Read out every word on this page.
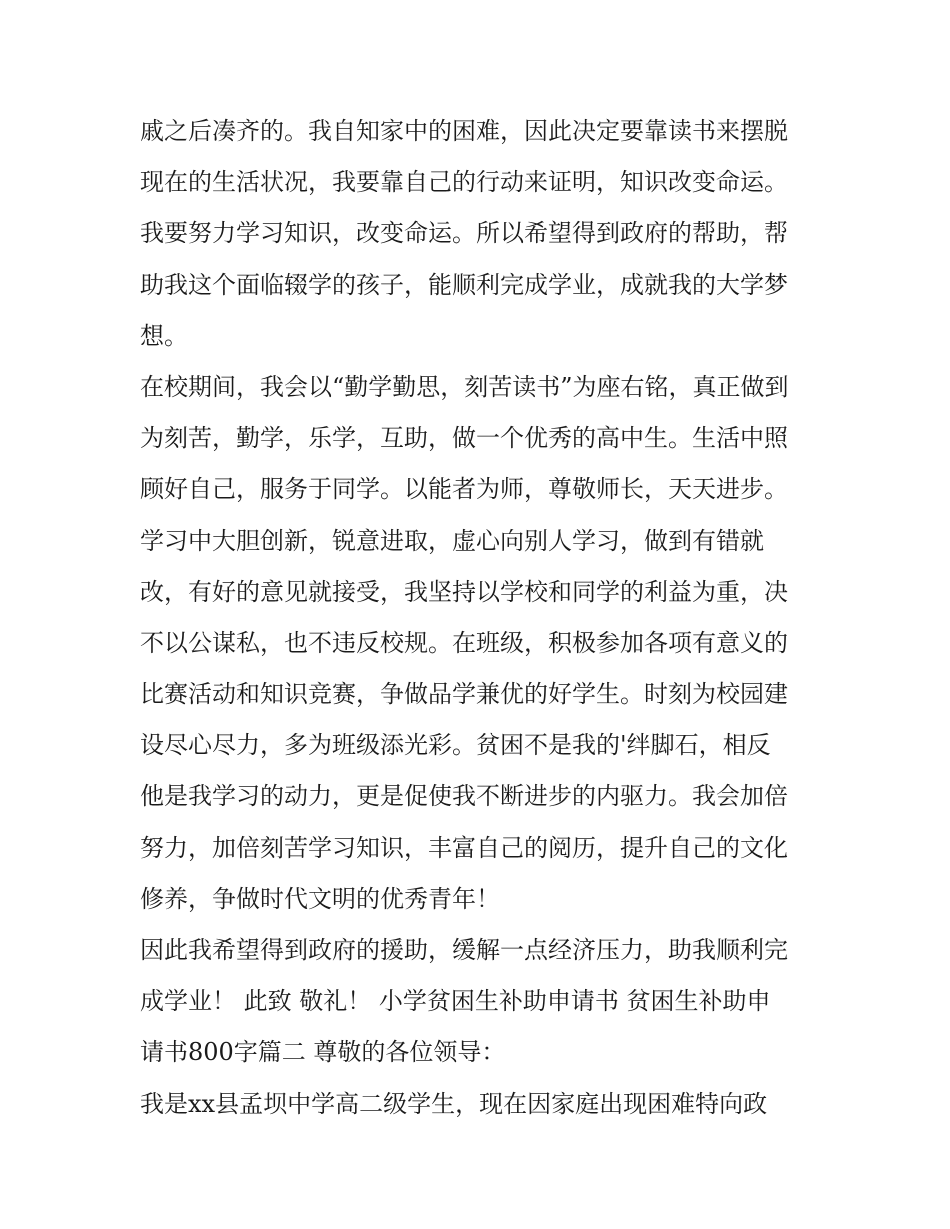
戚之后凑齐的。我自知家中的困难，因此决定要靠读书来摆脱
现在的生活状况，我要靠自己的行动来证明，知识改变命运。
我要努力学习知识，改变命运。所以希望得到政府的帮助，帮
助我这个面临辍学的孩子，能顺利完成学业，成就我的大学梦
想。
在校期间，我会以“勤学勤思，刻苦读书”为座右铭，真正做到
为刻苦，勤学，乐学，互助，做一个优秀的高中生。生活中照
顾好自己，服务于同学。以能者为师，尊敬师长，天天进步。
学习中大胆创新，锐意进取，虚心向别人学习，做到有错就
改，有好的意见就接受，我坚持以学校和同学的利益为重，决
不以公谋私，也不违反校规。在班级，积极参加各项有意义的
比赛活动和知识竞赛，争做品学兼优的好学生。时刻为校园建
设尽心尽力，多为班级添光彩。贫困不是我的'绊脚石，相反
他是我学习的动力，更是促使我不断进步的内驱力。我会加倍
努力，加倍刻苦学习知识，丰富自己的阅历，提升自己的文化
修养，争做时代文明的优秀青年！
因此我希望得到政府的援助，缓解一点经济压力，助我顺利完
成学业！ 此致 敬礼！ 小学贫困生补助申请书 贫困生补助申
请书800字篇二 尊敬的各位领导：
我是xx县孟坝中学高二级学生，现在因家庭出现困难特向政
